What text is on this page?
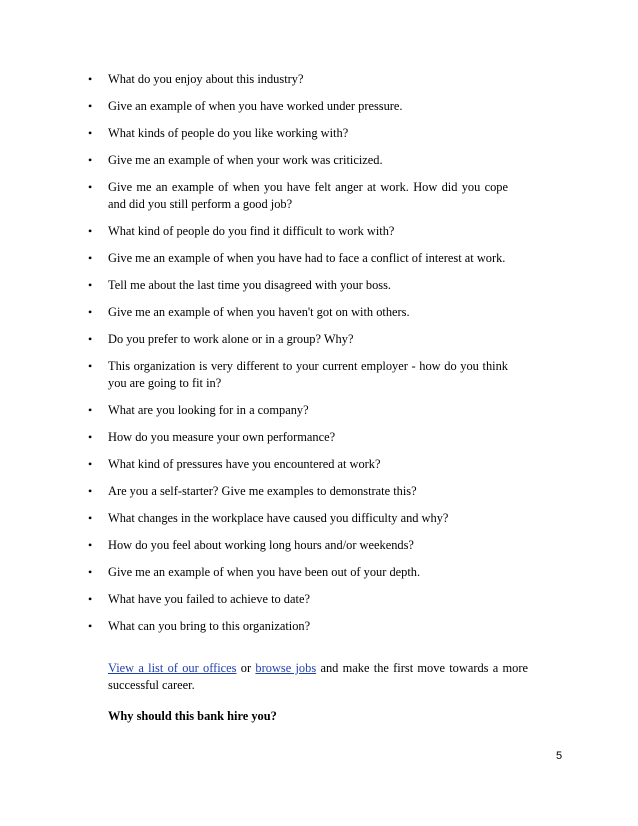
• What do you enjoy about this industry?
• Give an example of when you have worked under pressure.
• What kinds of people do you like working with?
• Give me an example of when your work was criticized.
• Give me an example of when you have felt anger at work. How did you cope and did you still perform a good job?
• What kind of people do you find it difficult to work with?
• Give me an example of when you have had to face a conflict of interest at work.
• Tell me about the last time you disagreed with your boss.
• Give me an example of when you haven't got on with others.
• Do you prefer to work alone or in a group? Why?
• This organization is very different to your current employer - how do you think you are going to fit in?
• What are you looking for in a company?
• How do you measure your own performance?
• What kind of pressures have you encountered at work?
• Are you a self-starter? Give me examples to demonstrate this?
• What changes in the workplace have caused you difficulty and why?
• How do you feel about working long hours and/or weekends?
• Give me an example of when you have been out of your depth.
• What have you failed to achieve to date?
• What can you bring to this organization?

View a list of our offices or browse jobs and make the first move towards a more successful career.

Why should this bank hire you?

5
